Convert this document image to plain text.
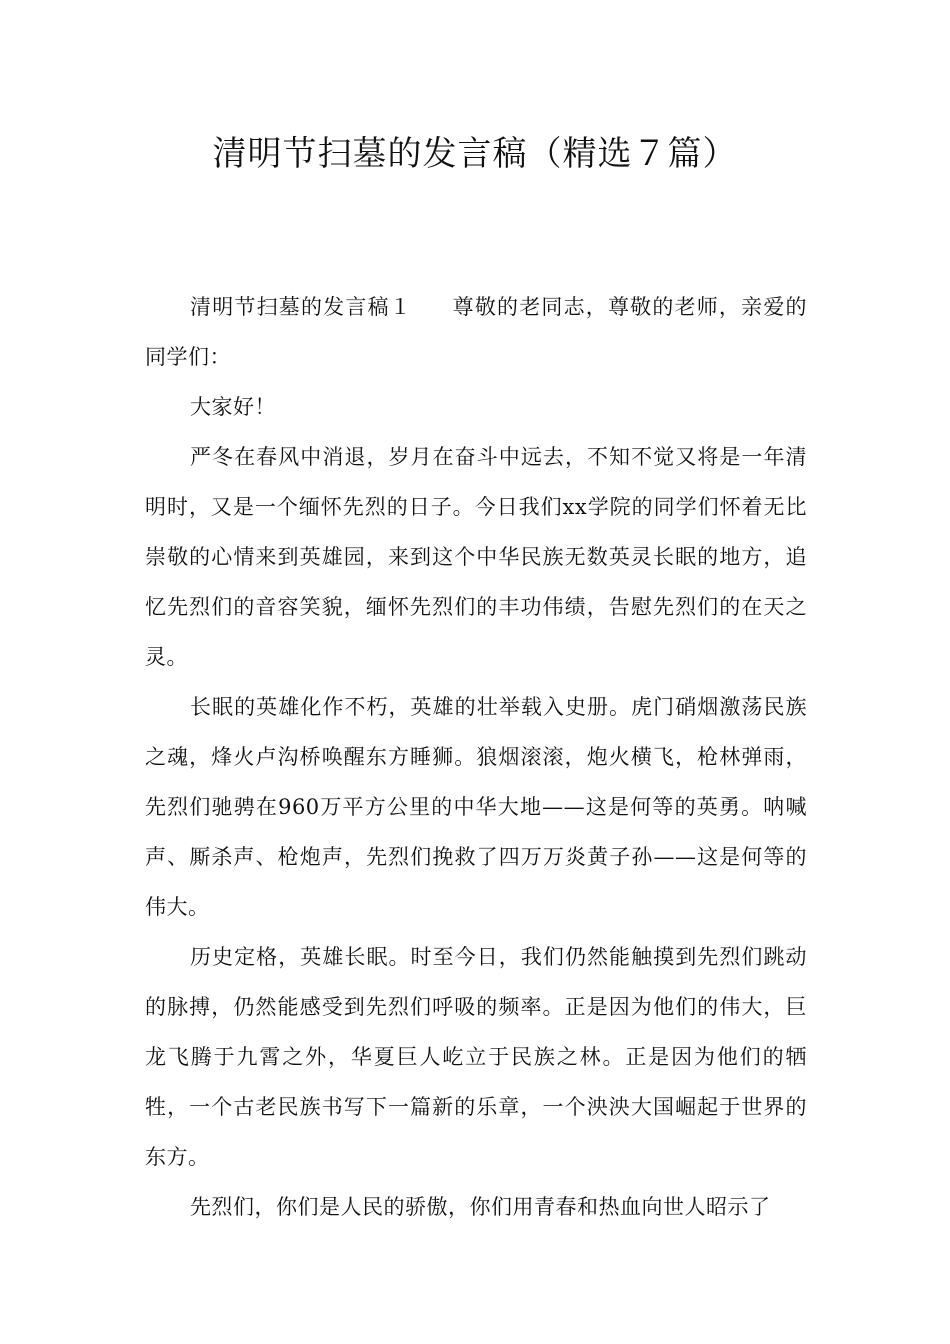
清明节扫墓的发言稿（精选７篇）

清明节扫墓的发言稿１ 尊敬的老同志，尊敬的老师，亲爱的同学们：

大家好！

严冬在春风中消退，岁月在奋斗中远去，不知不觉又将是一年清明时，又是一个缅怀先烈的日子。今日我们xx学院的同学们怀着无比崇敬的心情来到英雄园，来到这个中华民族无数英灵长眠的地方，追忆先烈们的音容笑貌，缅怀先烈们的丰功伟绩，告慰先烈们的在天之灵。

长眠的英雄化作不朽，英雄的壮举载入史册。虎门硝烟激荡民族之魂，烽火卢沟桥唤醒东方睡狮。狼烟滚滚，炮火横飞，枪林弹雨，先烈们驰骋在960万平方公里的中华大地——这是何等的英勇。呐喊声、厮杀声、枪炮声，先烈们挽救了四万万炎黄子孙——这是何等的伟大。

历史定格，英雄长眠。时至今日，我们仍然能触摸到先烈们跳动的脉搏，仍然能感受到先烈们呼吸的频率。正是因为他们的伟大，巨龙飞腾于九霄之外，华夏巨人屹立于民族之林。正是因为他们的牺牲，一个古老民族书写下一篇新的乐章，一个泱泱大国崛起于世界的东方。

先烈们，你们是人民的骄傲，你们用青春和热血向世人昭示了
